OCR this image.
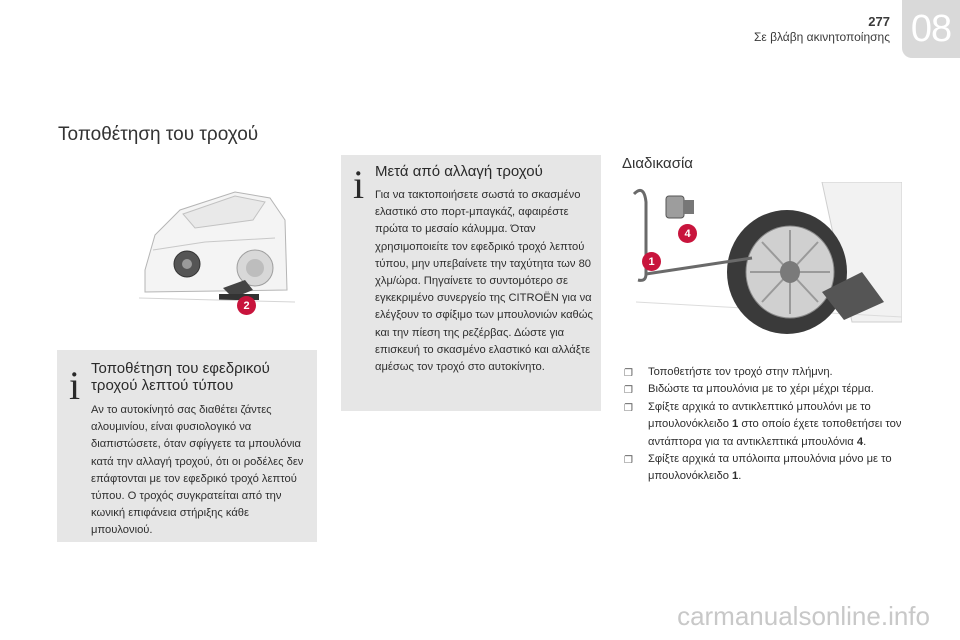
277
Σε βλάβη ακινητοποίησης 08
Τοποθέτηση του τροχού
2
1
4
i Τοποθέτηση του εφεδρικού τροχού λεπτού τύπου

Αν το αυτοκίνητό σας διαθέτει ζάντες αλουμινίου, είναι φυσιολογικό να διαπιστώσετε, όταν σφίγγετε τα μπουλόνια κατά την αλλαγή τροχού, ότι οι ροδέλες δεν επάφτονται με τον εφεδρικό τροχό λεπτού τύπου. Ο τροχός συγκρατείται από την κωνική επιφάνεια στήριξης κάθε μπουλονιού.

i Μετά από αλλαγή τροχού

Για να τακτοποιήσετε σωστά το σκασμένο ελαστικό στο πορτ-μπαγκάζ, αφαιρέστε πρώτα το μεσαίο κάλυμμα. Όταν χρησιμοποιείτε τον εφεδρικό τροχό λεπτού τύπου, μην υπεβαίνετε την ταχύτητα των 80 χλμ/ώρα. Πηγαίνετε το συντομότερο σε εγκεκριμένο συνεργείο της CITROËN για να ελέγξουν το σφίξιμο των μπουλονιών καθώς και την πίεση της ρεζέρβας. Δώστε για επισκευή το σκασμένο ελαστικό και αλλάξτε αμέσως τον τροχό στο αυτοκίνητο.

Διαδικασία
❐ Τοποθετήστε τον τροχό στην πλήμνη.
❐ Βιδώστε τα μπουλόνια με το χέρι μέχρι τέρμα.
❐ Σφίξτε αρχικά το αντικλεπτικό μπουλόνι με το μπουλονόκλειδο 1 στο οποίο έχετε τοποθετήσει τον αντάπτορα για τα αντικλεπτικά μπουλόνια 4.
❐ Σφίξτε αρχικά τα υπόλοιπα μπουλόνια μόνο με το μπουλονόκλειδο 1.
carmanualsonline.info
